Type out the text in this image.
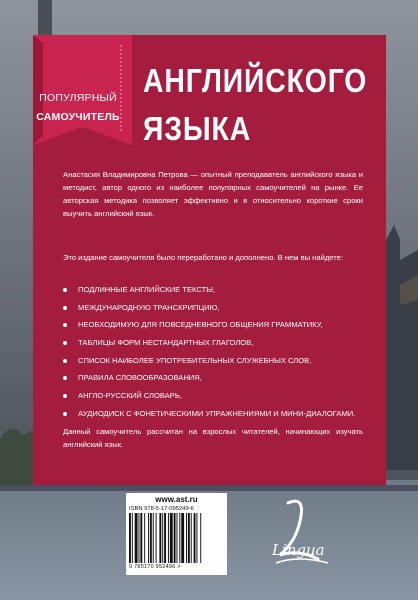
ПОПУЛЯРНЫЙ
САМОУЧИТЕЛЬ
АНГЛИЙСКОГО
ЯЗЫКА

Анастасия Владимировна Петрова — опытный преподаватель английского языка и методист, автор одного из наиболее популярных самоучителей на рынке. Ее авторская методика позволяет эффективно и в относительно короткие сроки выучить английский язык.

Это издание самоучителя было переработано и дополнено. В нем вы найдете:

ПОДЛИННЫЕ АНГЛИЙСКИЕ ТЕКСТЫ,
МЕЖДУНАРОДНУЮ ТРАНСКРИПЦИЮ,
НЕОБХОДИМУЮ ДЛЯ ПОВСЕДНЕВНОГО ОБЩЕНИЯ ГРАММАТИКУ,
ТАБЛИЦЫ ФОРМ НЕСТАНДАРТНЫХ ГЛАГОЛОВ,
СПИСОК НАИБОЛЕЕ УПОТРЕБИТЕЛЬНЫХ СЛУЖЕБНЫХ СЛОВ,
ПРАВИЛА СЛОВООБРАЗОВАНИЯ,
АНГЛО-РУССКИЙ СЛОВАРЬ,
АУДИОДИСК С ФОНЕТИЧЕСКИМИ УПРАЖНЕНИЯМИ И МИНИ-ДИАЛОГАМИ.

Данный самоучитель рассчитан на взрослых читателей, начинающих изучать английский язык.

www.ast.ru
ISBN 978-5-17-095249-6
9 785170 952496 >
Lingua
